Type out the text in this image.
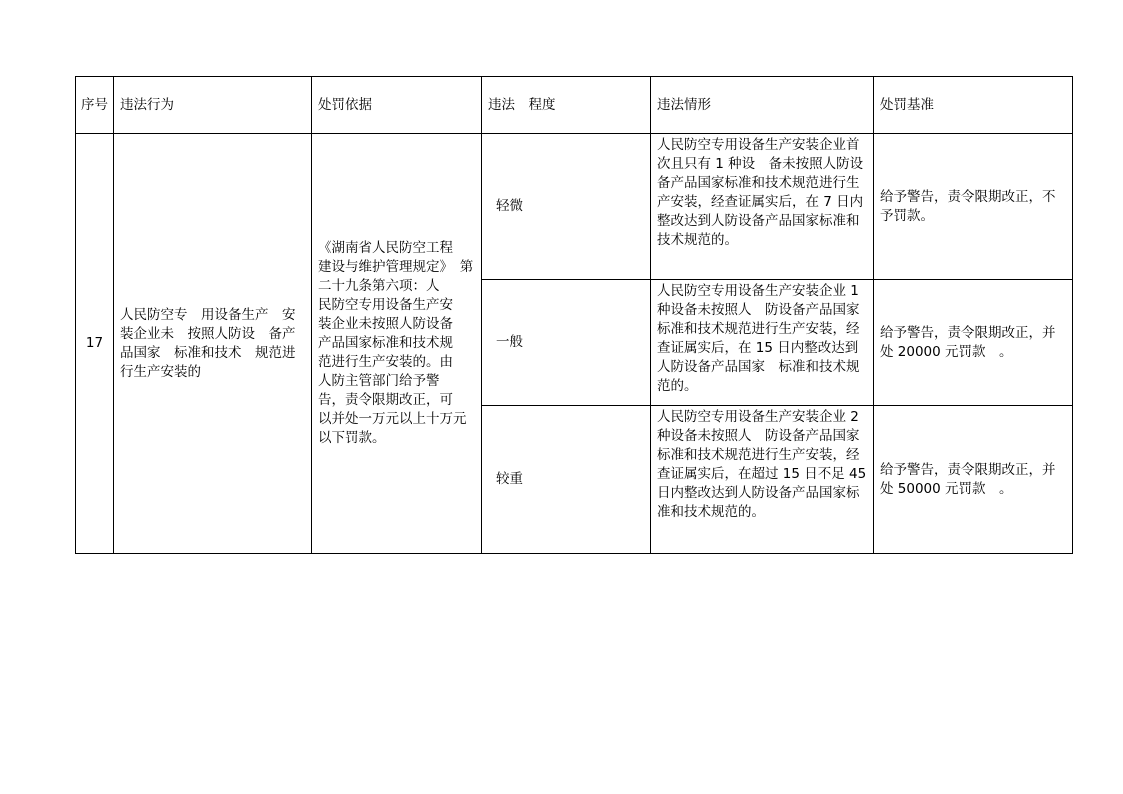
序号	违法行为	处罚依据	违法　程度	违法情形	处罚基准
17	人民防空专　用设备生产　安装企业未　按照人防设　备产品国家　标准和技术　规范进行生产安装的	《湖南省人民防空工程　　建设与维护管理规定》　第二十九条第六项：人　　民防空专用设备生产安　　装企业未按照人防设备　　产品国家标准和技术规　　范进行生产安装的。由　人防主管部门给予警　　告，责令限期改正，可　　以并处一万元以上十万元以下罚款。	轻微	人民防空专用设备生产安装企业首次且只有 1 种设　备未按照人防设备产品国家标准和技术规范进行生　产安装，经查证属实后，在 7 日内整改达到人防设备产品国家标准和技术规范的。	给予警告，责令限期改正，不予罚款。
			一般	人民防空专用设备生产安装企业 1 种设备未按照人　防设备产品国家标准和技术规范进行生产安装，经　查证属实后，在 15 日内整改达到人防设备产品国家　标准和技术规范的。	给予警告，责令限期改正，并处 20000 元罚款　。
			较重	人民防空专用设备生产安装企业 2 种设备未按照人　防设备产品国家标准和技术规范进行生产安装，经　查证属实后，在超过 15 日不足 45 日内整改达到人防设备产品国家标准和技术规范的。	给予警告，责令限期改正，并处 50000 元罚款　。
